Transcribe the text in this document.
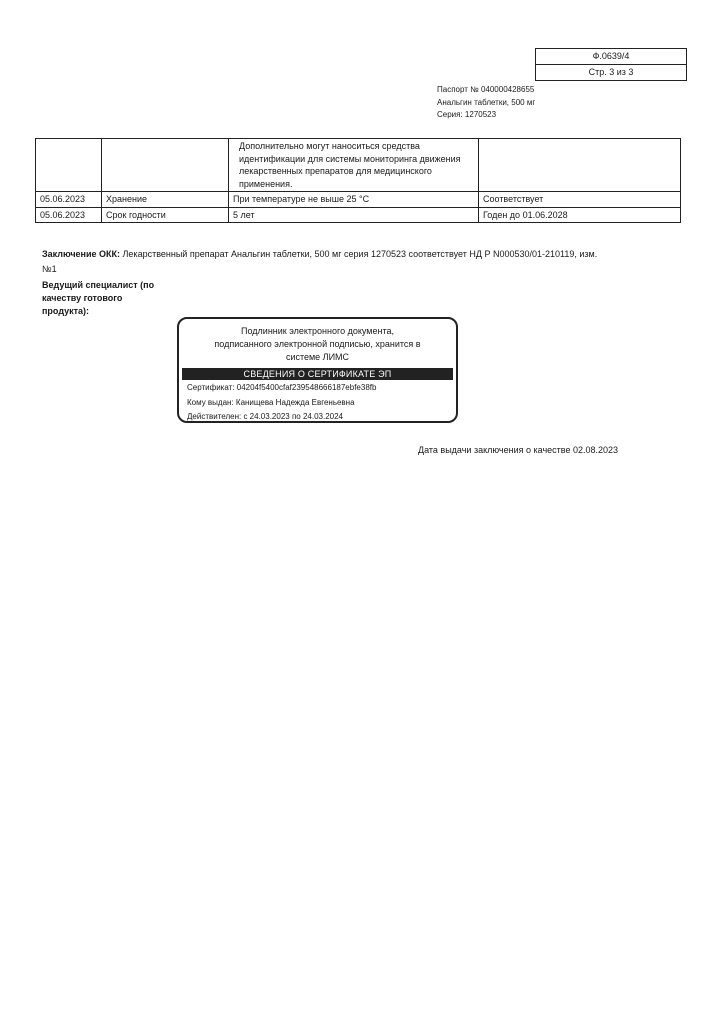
Ф.0639/4
Стр. 3 из 3
Паспорт № 040000428655
Анальгин таблетки, 500 мг
Серия: 1270523
		Дополнительно могут наноситься средства идентификации для системы мониторинга движения лекарственных препаратов для медицинского применения.	
05.06.2023	Хранение	При температуре не выше 25 °С	Соответствует
05.06.2023	Срок годности	5 лет	Годен до 01.06.2028
Заключение ОКК: Лекарственный препарат Анальгин таблетки, 500 мг серия 1270523 соответствует НД Р N000530/01-210119, изм.№1
Ведущий специалист (по качеству готового продукта):
Подлинник электронного документа,
подписанного электронной подписью, хранится в
системе ЛИМС
СВЕДЕНИЯ О СЕРТИФИКАТЕ ЭП
Сертификат: 04204f5400cfaf239548666187ebfe38fb
Кому выдан: Канищева Надежда Евгеньевна
Действителен: с 24.03.2023 по 24.03.2024
Дата выдачи заключения о качестве 02.08.2023
